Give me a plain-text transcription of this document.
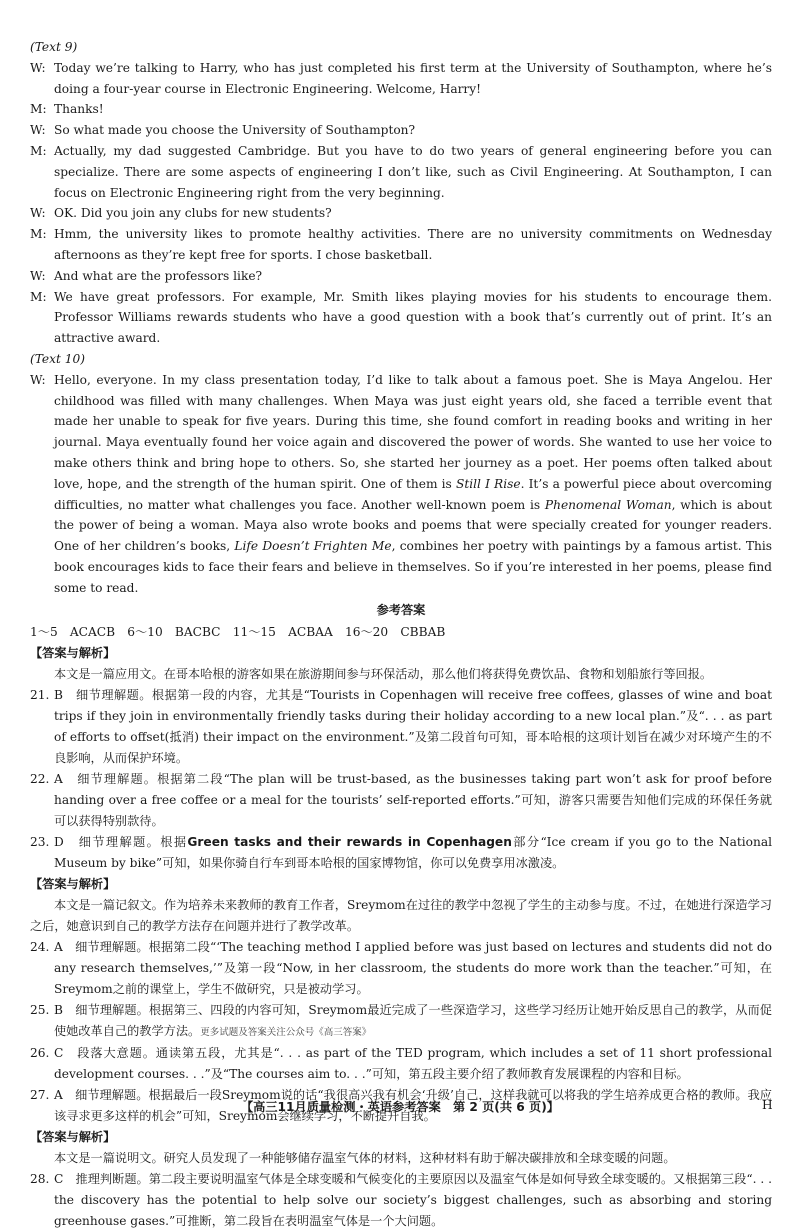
(Text 9)
W: Today we’re talking to Harry, who has just completed his first term at the University of Southampton, where he’s doing a four-year course in Electronic Engineering. Welcome, Harry!
M: Thanks!
W: So what made you choose the University of Southampton?
M: Actually, my dad suggested Cambridge. But you have to do two years of general engineering before you can specialize. There are some aspects of engineering I don’t like, such as Civil Engineering. At Southampton, I can focus on Electronic Engineering right from the very beginning.
W: OK. Did you join any clubs for new students?
M: Hmm, the university likes to promote healthy activities. There are no university commitments on Wednesday afternoons as they’re kept free for sports. I chose basketball.
W: And what are the professors like?
M: We have great professors. For example, Mr. Smith likes playing movies for his students to encourage them. Professor Williams rewards students who have a good question with a book that’s currently out of print. It’s an attractive award.
(Text 10)
W: Hello, everyone. In my class presentation today, I’d like to talk about a famous poet. She is Maya Angelou. Her childhood was filled with many challenges. When Maya was just eight years old, she faced a terrible event that made her unable to speak for five years. During this time, she found comfort in reading books and writing in her journal. Maya eventually found her voice again and discovered the power of words. She wanted to use her voice to make others think and bring hope to others. So, she started her journey as a poet. Her poems often talked about love, hope, and the strength of the human spirit. One of them is Still I Rise. It’s a powerful piece about overcoming difficulties, no matter what challenges you face. Another well-known poem is Phenomenal Woman, which is about the power of being a woman. Maya also wrote books and poems that were specially created for younger readers. One of her children’s books, Life Doesn’t Frighten Me, combines her poetry with paintings by a famous artist. This book encourages kids to face their fears and believe in themselves. So if you’re interested in her poems, please find some to read.
参考答案
1～5　ACACB　6～10　BACBC　11～15　ACBAA　16～20　CBBAB
【答案与解析】
本文是一篇应用文。在哥本哈根的游客如果在旅游期间参与环保活动，那么他们将获得免费饮品、食物和划船旅行等回报。
21. B　细节理解题。根据第一段的内容，尤其是“Tourists in Copenhagen will receive free coffees, glasses of wine and boat trips if they join in environmentally friendly tasks during their holiday according to a new local plan.”及“. . . as part of efforts to offset(抵消) their impact on the environment.”及第二段首句可知，哥本哈根的这项计划旨在减少对环境产生的不良影响，从而保护环境。
22. A　细节理解题。根据第二段“The plan will be trust-based, as the businesses taking part won’t ask for proof before handing over a free coffee or a meal for the tourists’ self-reported efforts.”可知，游客只需要告知他们完成的环保任务就可以获得特别款待。
23. D　细节理解题。根据Green tasks and their rewards in Copenhagen部分“Ice cream if you go to the National Museum by bike”可知，如果你骑自行车到哥本哈根的国家博物馆，你可以免费享用冰激凌。
【答案与解析】
本文是一篇记叙文。作为培养未来教师的教育工作者，Sreymom在过往的教学中忽视了学生的主动参与度。不过，在她进行深造学习之后，她意识到自己的教学方法存在问题并进行了教学改革。
24. A　细节理解题。根据第二段“‘The teaching method I applied before was just based on lectures and students did not do any research themselves,’”及第一段“Now, in her classroom, the students do more work than the teacher.”可知，在Sreymom之前的课堂上，学生不做研究，只是被动学习。
25. B　细节理解题。根据第三、四段的内容可知，Sreymom最近完成了一些深造学习，这些学习经历让她开始反思自己的教学，从而促使她改革自己的教学方法。更多试题及答案关注公众号《高三答案》
26. C　段落大意题。通读第五段，尤其是“. . . as part of the TED program, which includes a set of 11 short professional development courses. . .”及“The courses aim to. . .”可知，第五段主要介绍了教师教育发展课程的内容和目标。
27. A　细节理解题。根据最后一段Sreymom说的话“我很高兴我有机会‘升级’自己，这样我就可以将我的学生培养成更合格的教师。我应该寻求更多这样的机会”可知，Sreymom会继续学习，不断提升自我。
【答案与解析】
本文是一篇说明文。研究人员发现了一种能够储存温室气体的材料，这种材料有助于解决碳排放和全球变暖的问题。
28. C　推理判断题。第二段主要说明温室气体是全球变暖和气候变化的主要原因以及温室气体是如何导致全球变暖的。又根据第三段“. . . the discovery has the potential to help solve our society’s biggest challenges, such as absorbing and storing greenhouse gases.”可推断，第二段旨在表明温室气体是一个大问题。
【高三11月质量检测・英语参考答案　第 2 页(共 6 页)】	H
